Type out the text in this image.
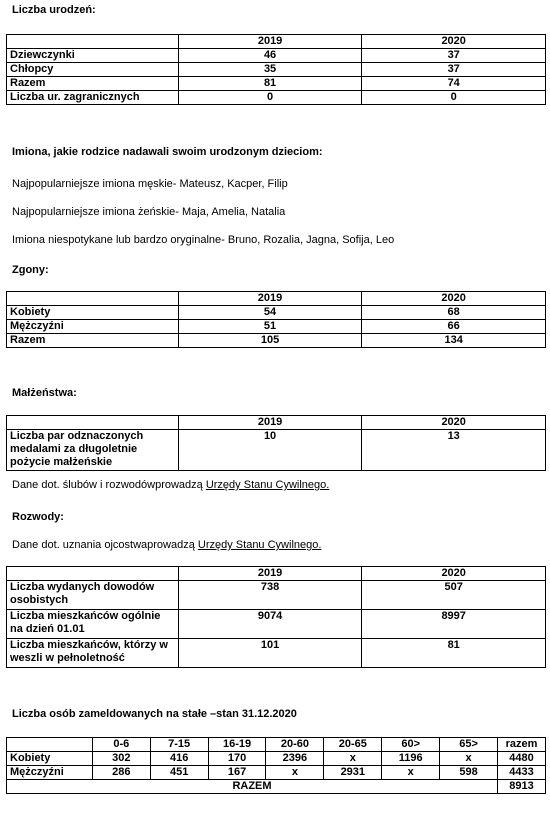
Liczba urodzeń:
	2019	2020
Dziewczynki	46	37
Chłopcy	35	37
Razem	81	74
Liczba ur. zagranicznych	0	0
Imiona, jakie rodzice nadawali swoim urodzonym dzieciom:
Najpopularniejsze imiona męskie- Mateusz, Kacper, Filip
Najpopularniejsze imiona żeńskie- Maja, Amelia, Natalia
Imiona niespotykane lub bardzo oryginalne- Bruno, Rozalia, Jagna, Sofija, Leo
Zgony:
	2019	2020
Kobiety	54	68
Mężczyźni	51	66
Razem	105	134
Małżeństwa:
	2019	2020
Liczba par odznaczonych medalami za długoletnie pożycie małżeńskie	10	13
Dane dot. ślubów i rozwodówprowadzą Urzędy Stanu Cywilnego.
Rozwody:
Dane dot. uznania ojcostwaprowadzą Urzędy Stanu Cywilnego.
	2019	2020
Liczba wydanych dowodów osobistych	738	507
Liczba mieszkańców ogólnie na dzień 01.01	9074	8997
Liczba mieszkańców, którzy w weszli w pełnoletność	101	81
Liczba osób zameldowanych na stałe –stan 31.12.2020
	0-6	7-15	16-19	20-60	20-65	60>	65>	razem
Kobiety	302	416	170	2396	x	1196	x	4480
Mężczyźni	286	451	167	x	2931	x	598	4433
RAZEM								8913
